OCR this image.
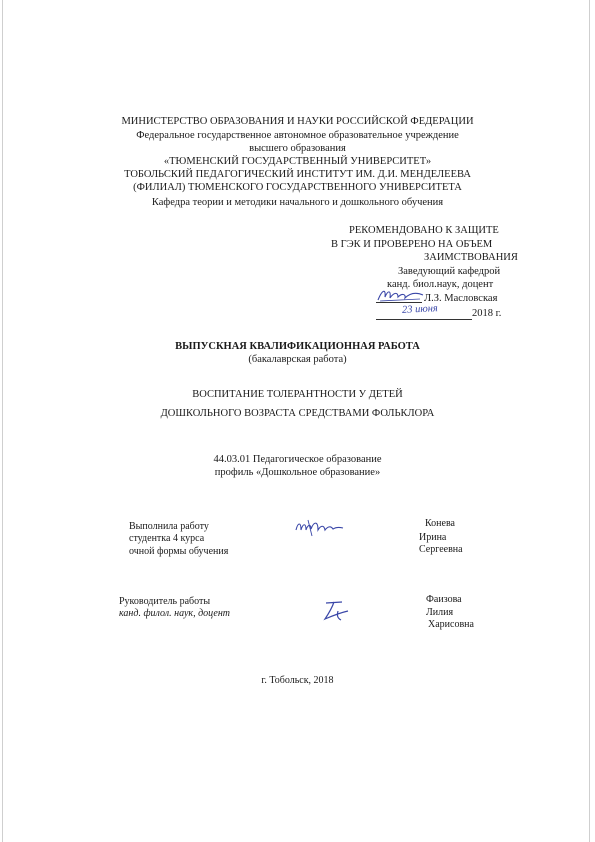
МИНИСТЕРСТВО ОБРАЗОВАНИЯ И НАУКИ РОССИЙСКОЙ ФЕДЕРАЦИИ
Федеральное государственное автономное образовательное учреждение
высшего образования
«ТЮМЕНСКИЙ ГОСУДАРСТВЕННЫЙ УНИВЕРСИТЕТ»
ТОБОЛЬСКИЙ ПЕДАГОГИЧЕСКИЙ ИНСТИТУТ ИМ. Д.И. МЕНДЕЛЕЕВА
(ФИЛИАЛ) ТЮМЕНСКОГО ГОСУДАРСТВЕННОГО УНИВЕРСИТЕТА
Кафедра теории и методики начального и дошкольного обучения
РЕКОМЕНДОВАНО К ЗАЩИТЕ
В ГЭК И ПРОВЕРЕНО НА ОБЪЕМ
ЗАИМСТВОВАНИЯ
Заведующий кафедрой
канд. биол.наук, доцент
Л.З. Масловская
23 июня	2018 г.
ВЫПУСКНАЯ КВАЛИФИКАЦИОННАЯ РАБОТА
(бакалаврская работа)
ВОСПИТАНИЕ ТОЛЕРАНТНОСТИ У ДЕТЕЙ
ДОШКОЛЬНОГО ВОЗРАСТА СРЕДСТВАМИ ФОЛЬКЛОРА
44.03.01 Педагогическое образование
профиль «Дошкольное образование»
Выполнила работу
студентка 4 курса
очной формы обучения
Конева
Ирина
Сергеевна
Руководитель работы
канд. филол. наук, доцент
Фаизова
Лилия
Харисовна
г. Тобольск, 2018
